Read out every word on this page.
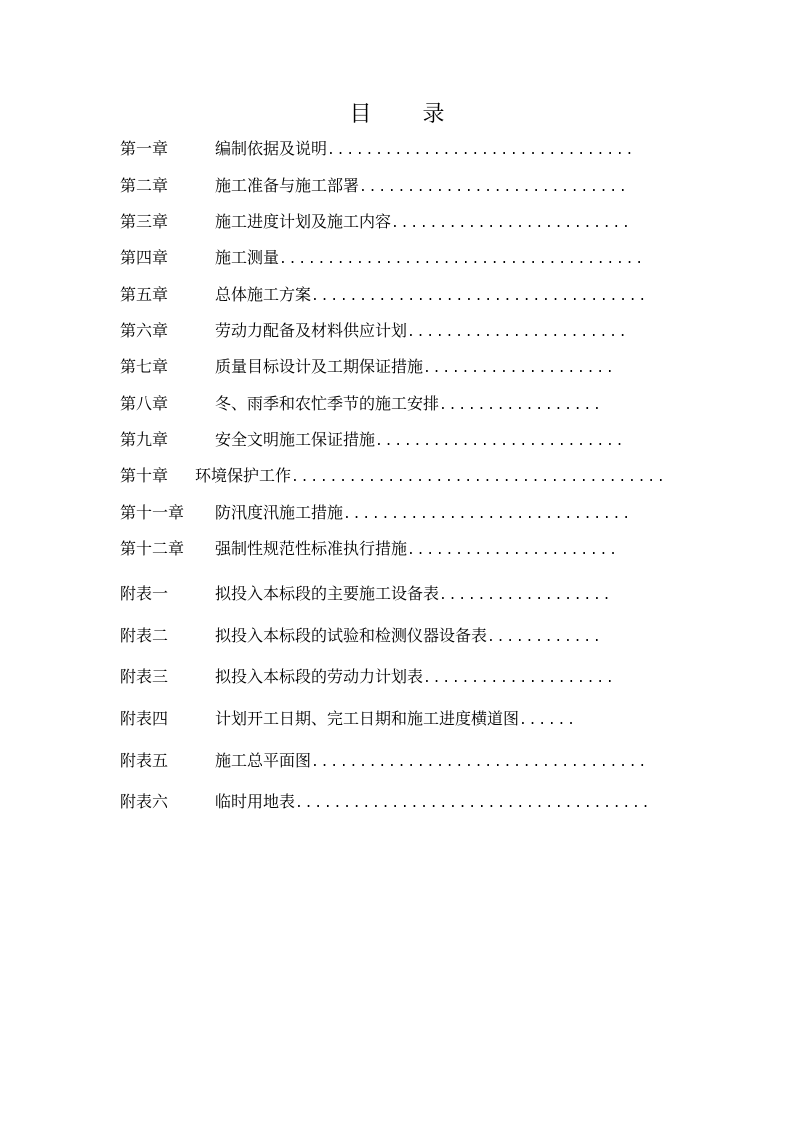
目 录
第一章	编制依据及说明................................
第二章	施工准备与施工部署............................
第三章	施工进度计划及施工内容.........................
第四章	施工测量......................................
第五章	总体施工方案...................................
第六章	劳动力配备及材料供应计划.......................
第七章	质量目标设计及工期保证措施....................
第八章	冬、雨季和农忙季节的施工安排.................
第九章	安全文明施工保证措施..........................
第十章 环境保护工作.......................................
第十一章 防汛度汛施工措施..............................
第十二章 强制性规范性标准执行措施......................
附表一	拟投入本标段的主要施工设备表..................
附表二	拟投入本标段的试验和检测仪器设备表............
附表三	拟投入本标段的劳动力计划表....................
附表四	计划开工日期、完工日期和施工进度横道图......
附表五	施工总平面图...................................
附表六	临时用地表.....................................
